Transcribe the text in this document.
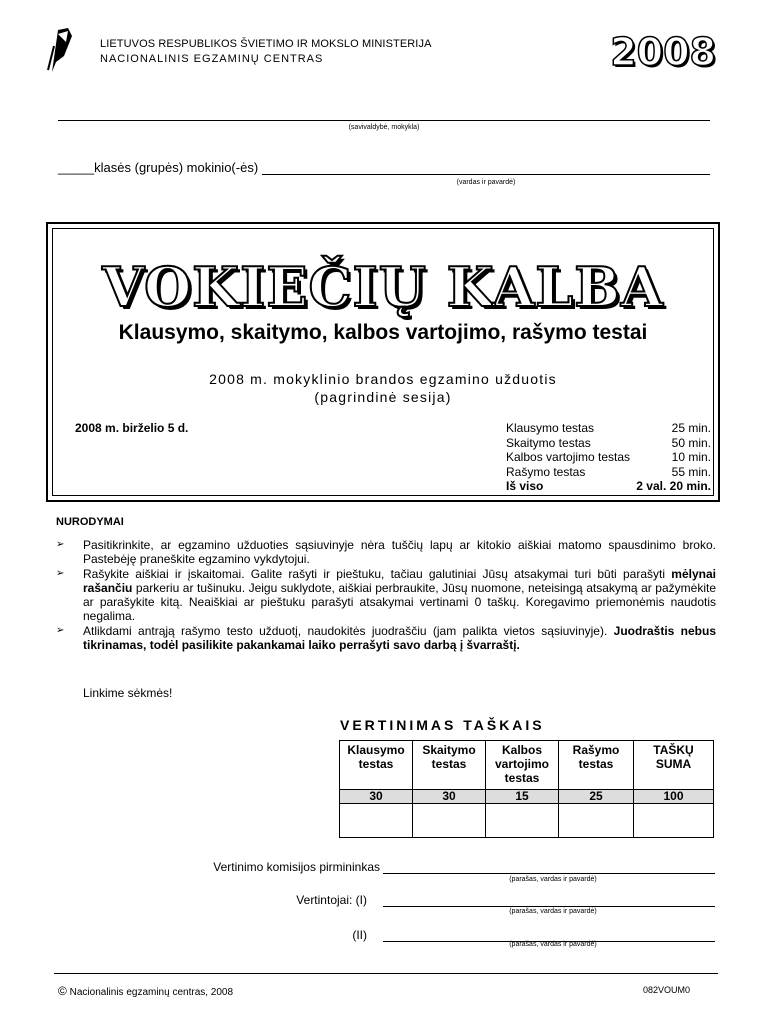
LIETUVOS RESPUBLIKOS ŠVIETIMO IR MOKSLO MINISTERIJA
NACIONALINIS EGZAMINŲ CENTRAS	2008
(savivaldybė, mokykla)
_____klasės (grupės) mokinio(-ės)
(vardas ir pavardė)
VOKIEČIŲ KALBA
Klausymo, skaitymo, kalbos vartojimo, rašymo testai
2008 m. mokyklinio brandos egzamino užduotis
(pagrindinė sesija)
2008 m. birželio 5 d.	Klausymo testas	25 min.
Skaitymo testas	50 min.
Kalbos vartojimo testas	10 min.
Rašymo testas	55 min.
Iš viso	2 val. 20 min.
NURODYMAI
➢ Pasitikrinkite, ar egzamino užduoties sąsiuvinyje nėra tuščių lapų ar kitokio aiškiai matomo spausdinimo broko. Pastebėję praneškite egzamino vykdytojui.
➢ Rašykite aiškiai ir įskaitomai. Galite rašyti ir pieštuku, tačiau galutiniai Jūsų atsakymai turi būti parašyti mėlynai rašančiu parkeriu ar tušinuku. Jeigu suklydote, aiškiai perbraukite, Jūsų nuomone, neteisingą atsakymą ar pažymėkite ar parašykite kitą. Neaiškiai ar pieštuku parašyti atsakymai vertinami 0 taškų. Koregavimo priemonėmis naudotis negalima.
➢ Atlikdami antrąją rašymo testo užduotį, naudokitės juodraščiu (jam palikta vietos sąsiuvinyje). Juodraštis nebus tikrinamas, todėl pasilikite pakankamai laiko perrašyti savo darbą į švarraštį.
Linkime sėkmės!
VERTINIMAS TAŠKAIS
Klausymo testas	Skaitymo testas	Kalbos vartojimo testas	Rašymo testas	TAŠKŲ SUMA
30	30	15	25	100

Vertinimo komisijos pirmininkas
(parašas, vardas ir pavardė)
Vertintojai: (I)
(parašas, vardas ir pavardė)
(II)
(parašas, vardas ir pavardė)
© Nacionalinis egzaminų centras, 2008	082VOUM0
